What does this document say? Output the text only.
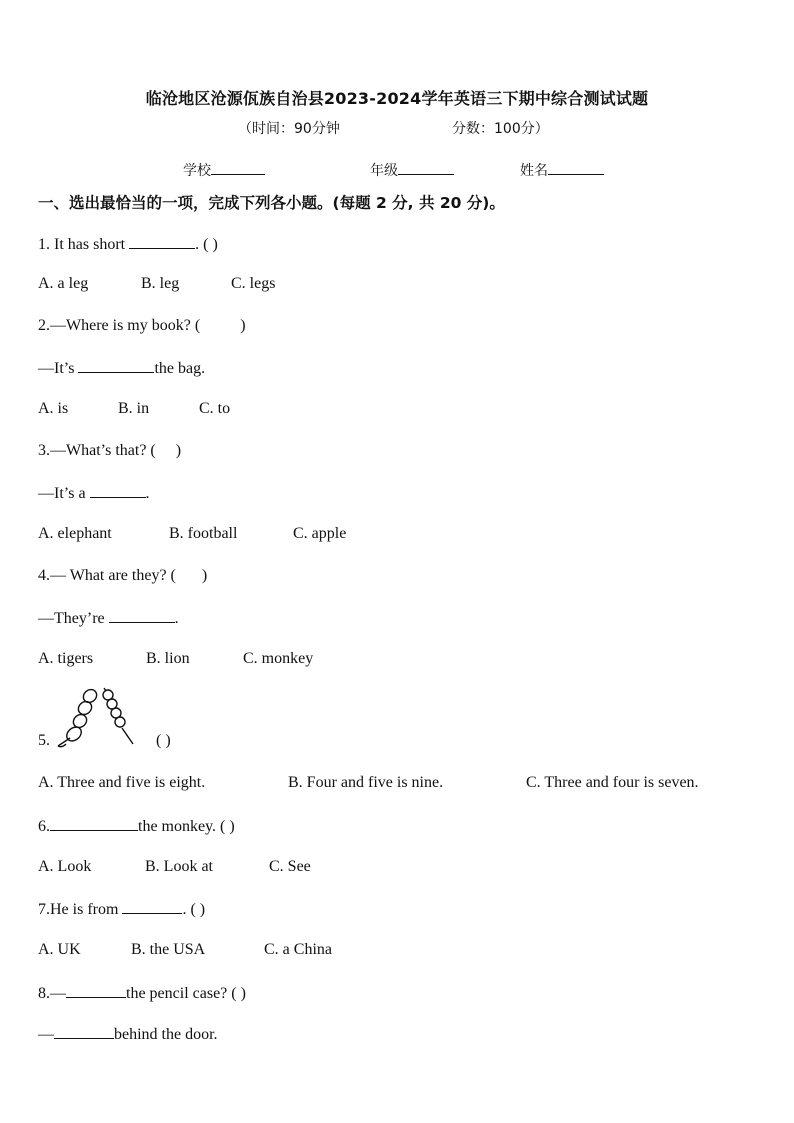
临沧地区沧源佤族自治县2023-2024学年英语三下期中综合测试试题
（时间：90分钟	分数：100分）
学校	年级	姓名
一、选出最恰当的一项，完成下列各小题。(每题 2 分, 共 20 分)。
1. It has short	. ( )
A. a leg	B. leg	C. legs
2.—Where is my book? (	)
—It’s	the bag.
A. is	B. in	C. to
3.—What’s that? ( )
—It’s a	.
A. elephant	B. football	C. apple
4.— What are they? ( )
—They’re	.
A. tigers	B. lion	C. monkey
5.	( )
A. Three and five is eight.	B. Four and five is nine.	C. Three and four is seven.
6.	the monkey. ( )
A. Look	B. Look at	C. See
7.He is from	. ( )
A. UK	B. the USA	C. a China
8.—	the pencil case? ( )
—	behind the door.
